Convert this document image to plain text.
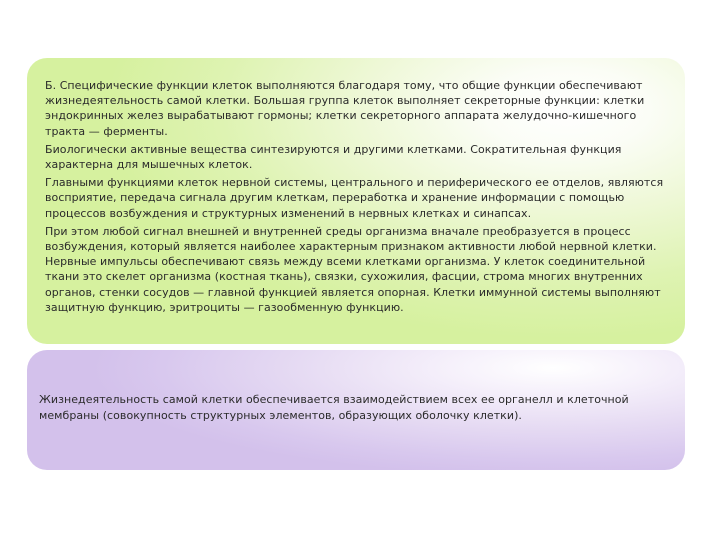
Б. Специфические функции клеток выполняются благодаря тому, что общие функции обеспечивают жизнедеятельность самой клетки. Большая группа клеток выполняет секреторные функции: клетки эндокринных желез вырабатывают гормоны; клетки секреторного аппарата желудочно-кишечного тракта — ферменты.

Биологически активные вещества синтезируются и другими клетками. Сократительная функция характерна для мышечных клеток.

Главными функциями клеток нервной системы, центрального и периферического ее отделов, являются восприятие, передача сигнала другим клеткам, переработка и хранение информации с помощью процессов возбуждения и структурных изменений в нервных клетках и синапсах.

При этом любой сигнал внешней и внутренней среды организма вначале преобразуется в процесс возбуждения, который является наиболее характерным признаком активности любой нервной клетки. Нервные импульсы обеспечивают связь между всеми клетками организма. У клеток соединительной ткани это скелет организма (костная ткань), связки, сухожилия, фасции, строма многих внутренних органов, стенки сосудов — главной функцией является опорная. Клетки иммунной системы выполняют защитную функцию, эритроциты — газообменную функцию.

Жизнедеятельность самой клетки обеспечивается взаимодействием всех ее органелл и клеточной мембраны (совокупность структурных элементов, образующих оболочку клетки).
